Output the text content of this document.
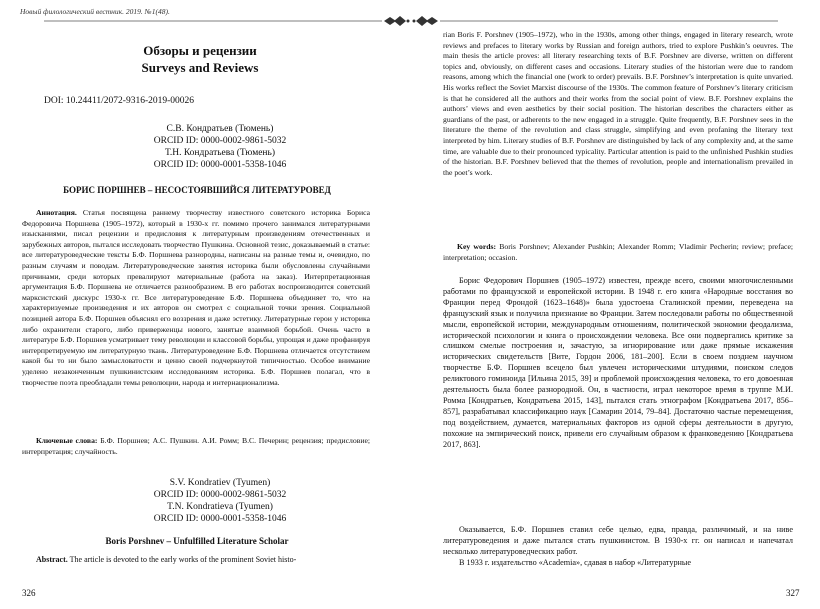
Новый филологический вестник. 2019. №1(48).
Обзоры и рецензии
Surveys and Reviews
DOI: 10.24411/2072-9316-2019-00026
С.В. Кондратьев (Тюмень)
ORCID ID: 0000-0002-9861-5032
Т.Н. Кондратьева (Тюмень)
ORCID ID: 0000-0001-5358-1046
БОРИС ПОРШНЕВ – НЕСОСТОЯВШИЙСЯ ЛИТЕРАТУРОВЕД
Аннотация. Статья посвящена раннему творчеству известного советского историка Бориса Федоровича Поршнева (1905–1972), который в 1930-х гг. помимо прочего занимался литературными изысканиями, писал рецензии и предисловия к литературным произведениям отечественных и зарубежных авторов, пытался исследовать творчество Пушкина. Основной тезис, доказываемый в статье: все литературоведческие тексты Б.Ф. Поршнева разнородны, написаны на разные темы и, очевидно, по разным случаям и поводам. Литературоведческие занятия историка были обусловлены случайными причинами, среди которых превалируют материальные (работа на заказ). Интерпретационная аргументация Б.Ф. Поршнева не отличается разнообразием. В его работах воспроизводится советский марксистский дискурс 1930-х гг. Все литературоведение Б.Ф. Поршнева объединяет то, что на характеризуемые произведения и их авторов он смотрел с социальной точки зрения. Социальной позицией автора Б.Ф. Поршнев объяснял его воззрения и даже эстетику. Литературные герои у историка либо охранители старого, либо приверженцы нового, занятые взаимной борьбой. Очень часто в литературе Б.Ф. Поршнев усматривает тему революции и классовой борьбы, упрощая и даже профанируя интерпретируемую им литературную ткань. Литературоведение Б.Ф. Поршнева отличается отсутствием какой бы то ни было замысловатости и ценно своей подчеркнутой типичностью. Особое внимание уделено незаконченным пушкинистским исследованиям историка. Б.Ф. Поршнев полагал, что в творчестве поэта преобладали темы революции, народа и интернационализма.
Ключевые слова: Б.Ф. Поршнев; А.С. Пушкин. А.И. Ромм; В.С. Печерин; рецензия; предисловие; интерпретация; случайность.
S.V. Kondratiev (Tyumen)
ORCID ID: 0000-0002-9861-5032
T.N. Kondratieva (Tyumen)
ORCID ID: 0000-0001-5358-1046
Boris Porshnev – Unfulfilled Literature Scholar
Abstract. The article is devoted to the early works of the prominent Soviet histo-
326
rian Boris F. Porshnev (1905–1972), who in the 1930s, among other things, engaged in literary research, wrote reviews and prefaces to literary works by Russian and foreign authors, tried to explore Pushkin’s oeuvres. The main thesis the article proves: all literary researching texts of B.F. Porshnev are diverse, written on different topics and, obviously, on different cases and occasions. Literary studies of the historian were due to random reasons, among which the financial one (work to order) prevails. B.F. Porshnev’s interpretation is quite unvaried. His works reflect the Soviet Marxist discourse of the 1930s. The common feature of Porshnev’s literary criticism is that he considered all the authors and their works from the social point of view. B.F. Porshnev explains the authors’ views and even aesthetics by their social position. The historian describes the characters either as guardians of the past, or adherents to the new engaged in a struggle. Quite frequently, B.F. Porshnev sees in the literature the theme of the revolution and class struggle, simplifying and even profaning the literary text interpreted by him. Literary studies of B.F. Porshnev are distinguished by lack of any complexity and, at the same time, are valuable due to their pronounced typicality. Particular attention is paid to the unfinished Pushkin studies of the historian. B.F. Porshnev believed that the themes of revolution, people and internationalism prevailed in the poet’s work.
Key words: Boris Porshnev; Alexander Pushkin; Alexander Romm; Vladimir Pecherin; review; preface; interpretation; occasion.
Борис Федорович Поршнев (1905–1972) известен, прежде всего, своими многочисленными работами по французской и европейской истории. В 1948 г. его книга «Народные восстания во Франции перед Фрондой (1623–1648)» была удостоена Сталинской премии, переведена на французский язык и получила признание во Франции. Затем последовали работы по общественной мысли, европейской истории, международным отношениям, политической экономии феодализма, исторической психологии и книга о происхождении человека. Все они подвергались критике за слишком смелые построения и, зачастую, за игнорирование или даже прямые искажения исторических свидетельств [Вите, Гордон 2006, 181–200]. Если в своем позднем научном творчестве Б.Ф. Поршнев всецело был увлечен историческими штудиями, поиском следов реликтового гоминоида [Ильина 2015, 39] и проблемой происхождения человека, то его довоенная деятельность была более разнородной. Он, в частности, играл некоторое время в труппе М.И. Ромма [Кондратьев, Кондратьева 2015, 143], пытался стать этнографом [Кондратьева 2017, 856–857], разрабатывал классификацию наук [Самарин 2014, 79–84]. Достаточно частые перемещения, под воздействием, думается, материальных факторов из одной сферы деятельности в другую, похожие на эмпирический поиск, привели его случайным образом к франковедению [Кондратьева 2017, 863].
Оказывается, Б.Ф. Поршнев ставил себе целью, едва, правда, различимый, и на ниве литературоведения и даже пытался стать пушкинистом. В 1930-х гг. он написал и напечатал несколько литературоведческих работ.
В 1933 г. издательство «Academia», сдавая в набор «Литературные
327
